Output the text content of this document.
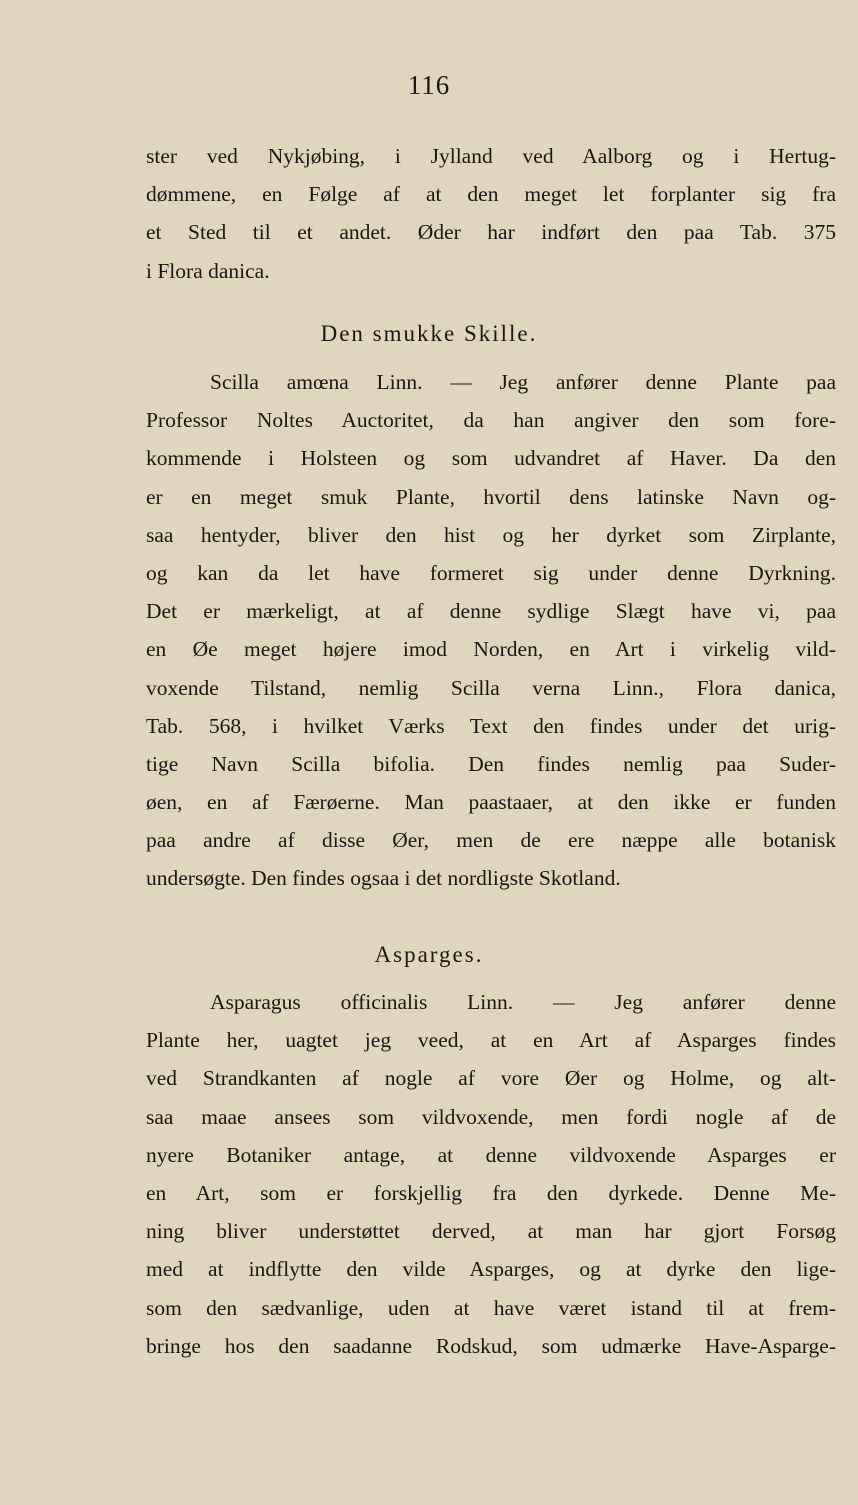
116
ster ved Nykjøbing, i Jylland ved Aalborg og i Hertug-
dømmene, en Følge af at den meget let forplanter sig fra
et Sted til et andet. Øder har indført den paa Tab. 375
i Flora danica.
Den smukke Skille.
Scilla amœna Linn. — Jeg anfører denne Plante paa
Professor Noltes Auctoritet, da han angiver den som fore-
kommende i Holsteen og som udvandret af Haver. Da den
er en meget smuk Plante, hvortil dens latinske Navn og-
saa hentyder, bliver den hist og her dyrket som Zirplante,
og kan da let have formeret sig under denne Dyrkning.
Det er mærkeligt, at af denne sydlige Slægt have vi, paa
en Øe meget højere imod Norden, en Art i virkelig vild-
voxende Tilstand, nemlig Scilla verna Linn., Flora danica,
Tab. 568, i hvilket Værks Text den findes under det urig-
tige Navn Scilla bifolia. Den findes nemlig paa Suder-
øen, en af Færøerne. Man paastaaer, at den ikke er funden
paa andre af disse Øer, men de ere næppe alle botanisk
undersøgte. Den findes ogsaa i det nordligste Skotland.
Asparges.
Asparagus officinalis Linn. — Jeg anfører denne
Plante her, uagtet jeg veed, at en Art af Asparges findes
ved Strandkanten af nogle af vore Øer og Holme, og alt-
saa maae ansees som vildvoxende, men fordi nogle af de
nyere Botaniker antage, at denne vildvoxende Asparges er
en Art, som er forskjellig fra den dyrkede. Denne Me-
ning bliver understøttet derved, at man har gjort Forsøg
med at indflytte den vilde Asparges, og at dyrke den lige-
som den sædvanlige, uden at have været istand til at frem-
bringe hos den saadanne Rodskud, som udmærke Have-Asparge-
